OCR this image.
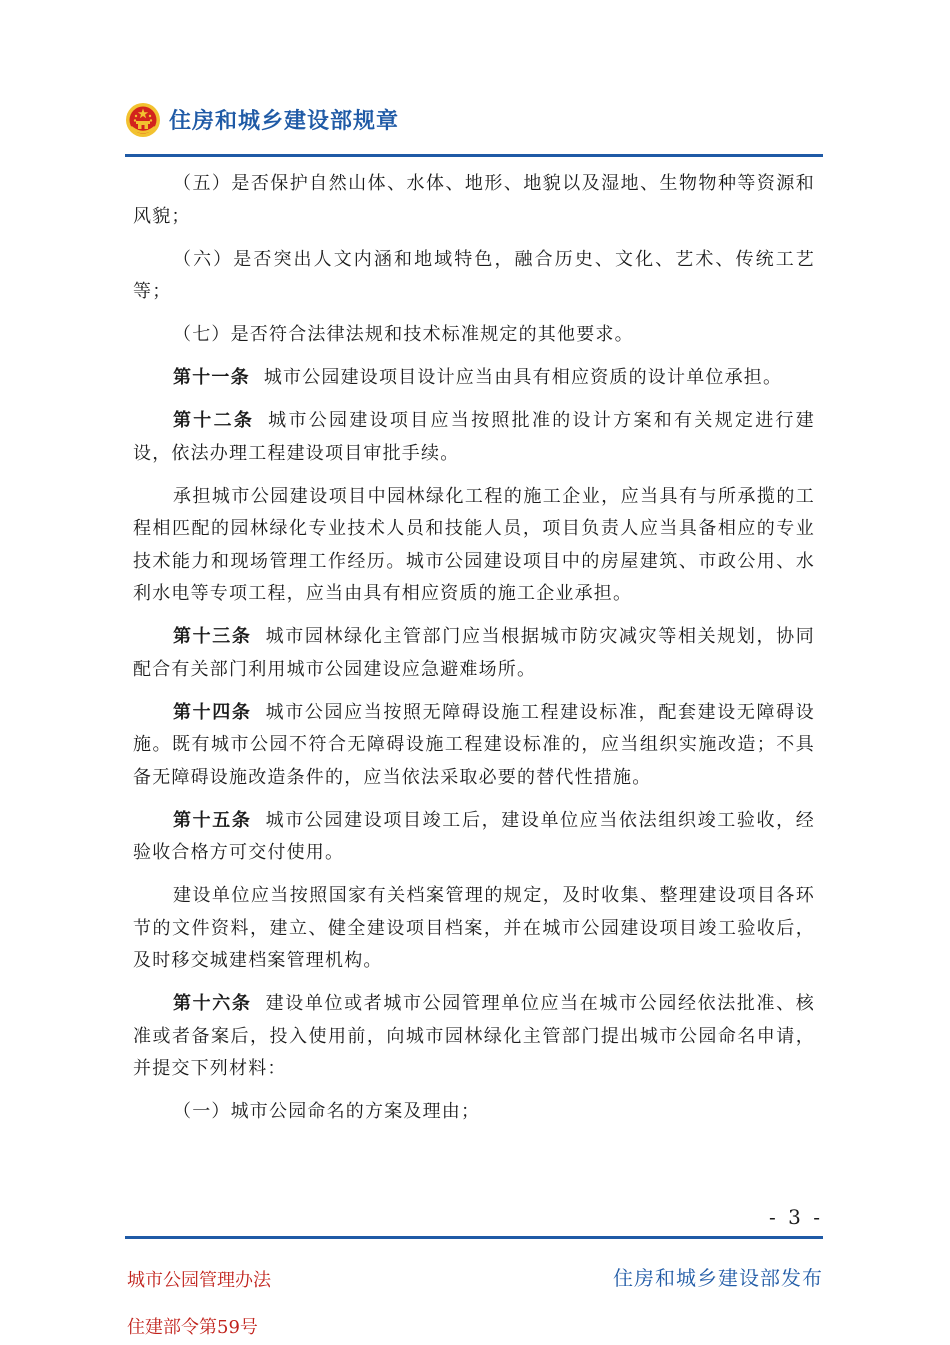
住房和城乡建设部规章

（五）是否保护自然山体、水体、地形、地貌以及湿地、生物物种等资源和风貌；

（六）是否突出人文内涵和地域特色，融合历史、文化、艺术、传统工艺等；

（七）是否符合法律法规和技术标准规定的其他要求。

第十一条 城市公园建设项目设计应当由具有相应资质的设计单位承担。

第十二条 城市公园建设项目应当按照批准的设计方案和有关规定进行建设，依法办理工程建设项目审批手续。

承担城市公园建设项目中园林绿化工程的施工企业，应当具有与所承揽的工程相匹配的园林绿化专业技术人员和技能人员，项目负责人应当具备相应的专业技术能力和现场管理工作经历。城市公园建设项目中的房屋建筑、市政公用、水利水电等专项工程，应当由具有相应资质的施工企业承担。

第十三条 城市园林绿化主管部门应当根据城市防灾减灾等相关规划，协同配合有关部门利用城市公园建设应急避难场所。

第十四条 城市公园应当按照无障碍设施工程建设标准，配套建设无障碍设施。既有城市公园不符合无障碍设施工程建设标准的，应当组织实施改造；不具备无障碍设施改造条件的，应当依法采取必要的替代性措施。

第十五条 城市公园建设项目竣工后，建设单位应当依法组织竣工验收，经验收合格方可交付使用。

建设单位应当按照国家有关档案管理的规定，及时收集、整理建设项目各环节的文件资料，建立、健全建设项目档案，并在城市公园建设项目竣工验收后，及时移交城建档案管理机构。

第十六条 建设单位或者城市公园管理单位应当在城市公园经依法批准、核准或者备案后，投入使用前，向城市园林绿化主管部门提出城市公园命名申请，并提交下列材料：

（一）城市公园命名的方案及理由；

- 3 -
城市公园管理办法
住建部令第59号
住房和城乡建设部发布
